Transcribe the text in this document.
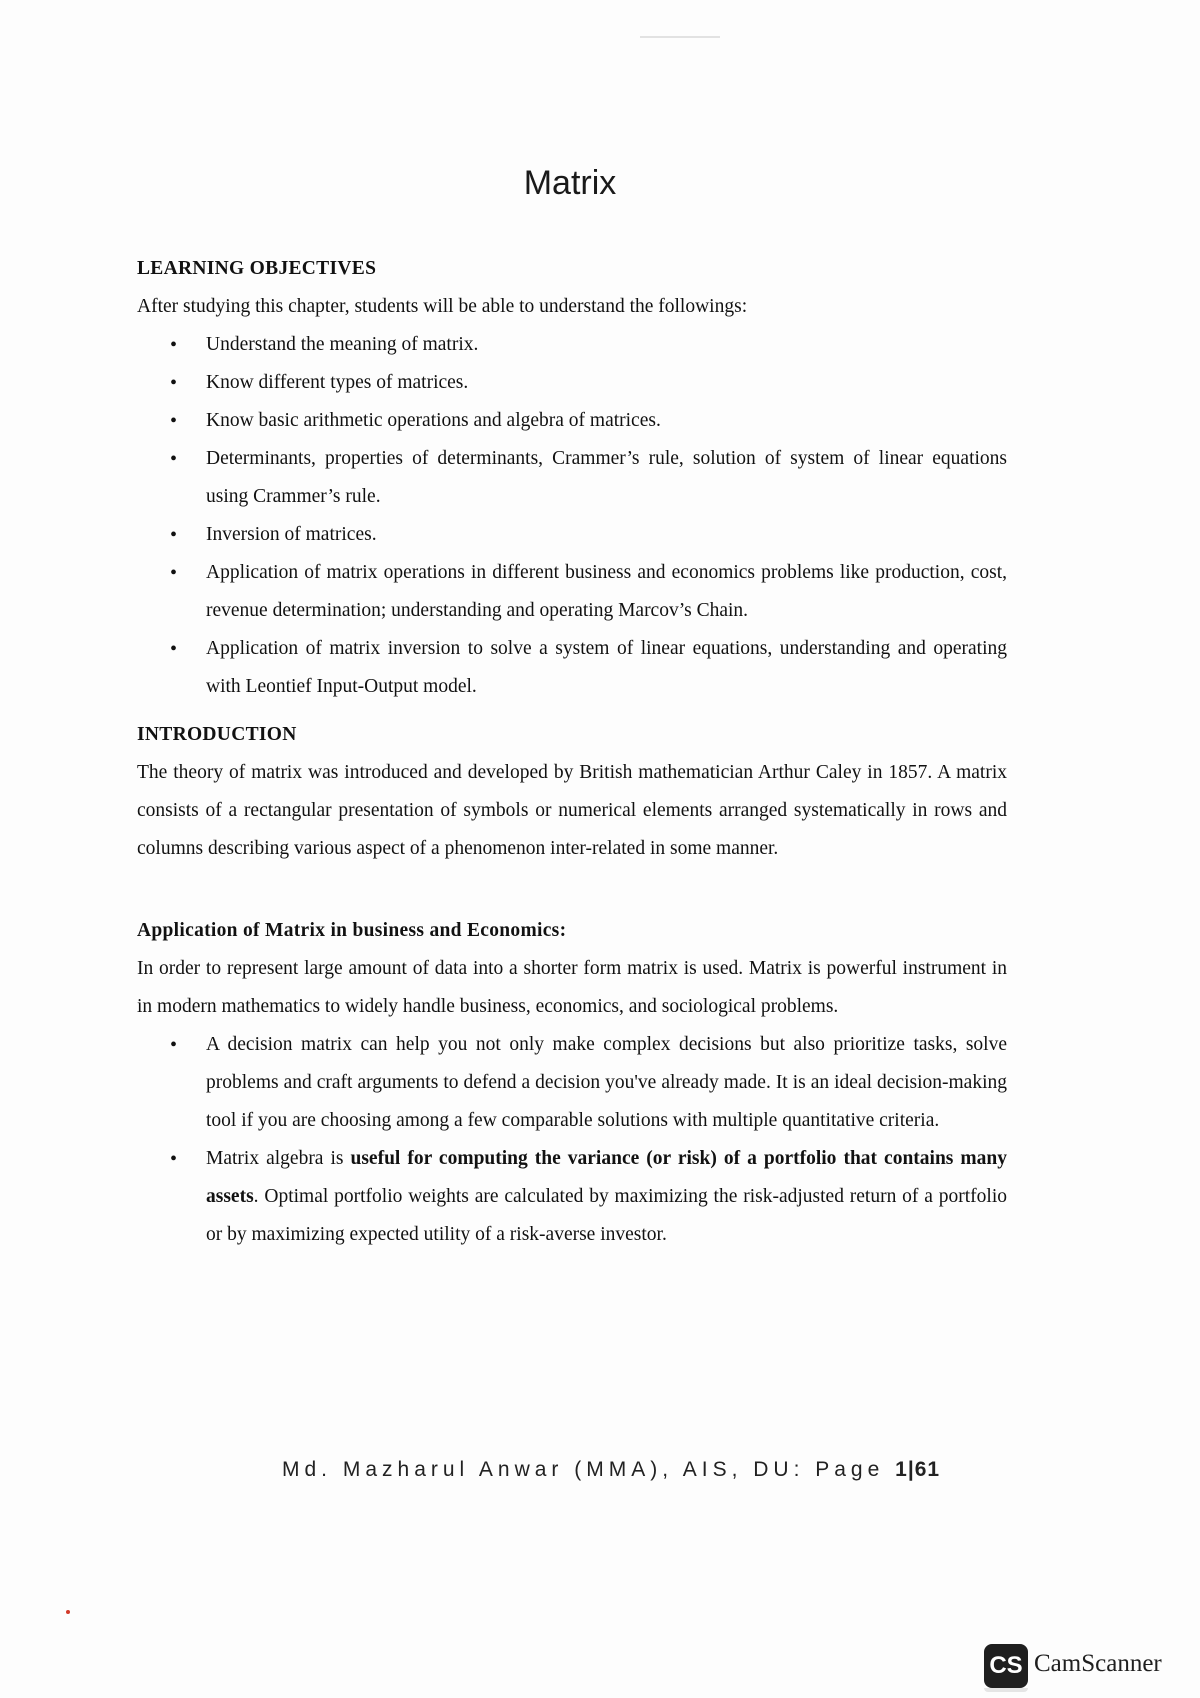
Matrix

LEARNING OBJECTIVES

After studying this chapter, students will be able to understand the followings:

• Understand the meaning of matrix.
• Know different types of matrices.
• Know basic arithmetic operations and algebra of matrices.
• Determinants, properties of determinants, Crammer’s rule, solution of system of linear equations using Crammer’s rule.
• Inversion of matrices.
• Application of matrix operations in different business and economics problems like production, cost, revenue determination; understanding and operating Marcov’s Chain.
• Application of matrix inversion to solve a system of linear equations, understanding and operating with Leontief Input-Output model.

INTRODUCTION

The theory of matrix was introduced and developed by British mathematician Arthur Caley in 1857. A matrix consists of a rectangular presentation of symbols or numerical elements arranged systematically in rows and columns describing various aspect of a phenomenon inter-related in some manner.

Application of Matrix in business and Economics:

In order to represent large amount of data into a shorter form matrix is used. Matrix is powerful instrument in in modern mathematics to widely handle business, economics, and sociological problems.

• A decision matrix can help you not only make complex decisions but also prioritize tasks, solve problems and craft arguments to defend a decision you've already made. It is an ideal decision-making tool if you are choosing among a few comparable solutions with multiple quantitative criteria.
• Matrix algebra is useful for computing the variance (or risk) of a portfolio that contains many assets. Optimal portfolio weights are calculated by maximizing the risk-adjusted return of a portfolio or by maximizing expected utility of a risk-averse investor.
Md. Mazharul Anwar (MMA), AIS, DU: Page 1|61
CS CamScanner
